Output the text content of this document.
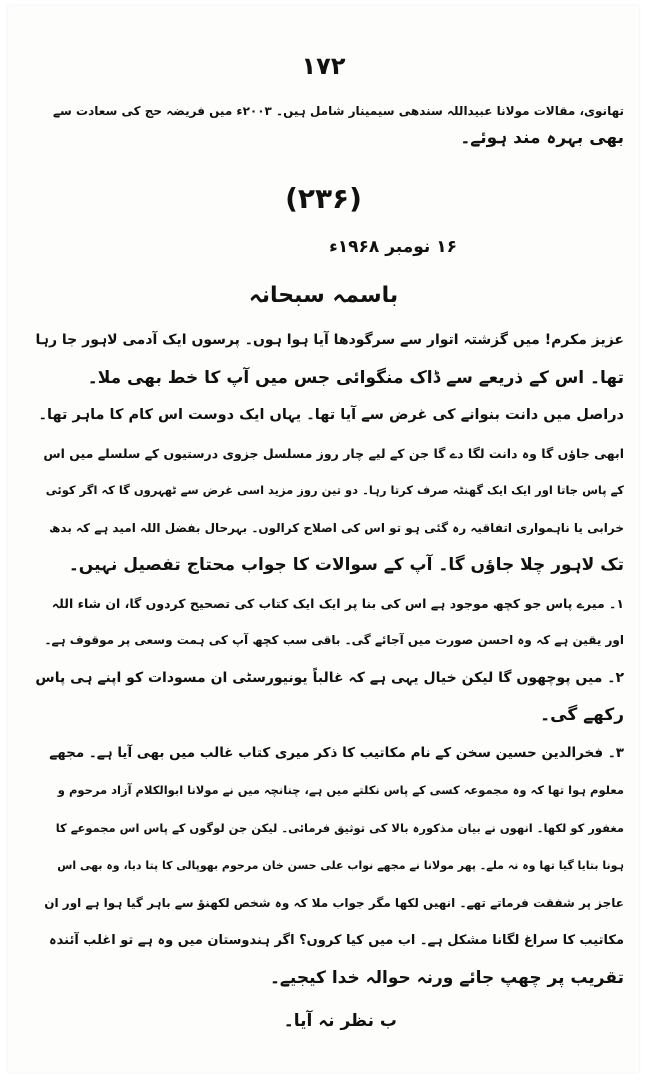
۱۷۲
تھانوی، مقالات مولانا عبیداللہ سندھی سیمینار شامل ہیں۔ ۲۰۰۳ء میں فریضہ حج کی سعادت سے
بھی بہرہ مند ہوئے۔
(۲۳۶)
۱۶ نومبر ۱۹۶۸ء
باسمہ سبحانہ
عزیز مکرم! میں گزشتہ اتوار سے سرگودھا آیا ہوا ہوں۔ پرسوں ایک آدمی لاہور جا رہا
تھا۔ اس کے ذریعے سے ڈاک منگوائی جس میں آپ کا خط بھی ملا۔
دراصل میں دانت بنوانے کی غرض سے آیا تھا۔ یہاں ایک دوست اس کام کا ماہر تھا۔
ابھی جاؤں گا وہ دانت لگا دے گا جن کے لیے چار روز مسلسل جزوی درستیوں کے سلسلے میں اس
کے پاس جاتا اور ایک ایک گھنٹہ صرف کرتا رہا۔ دو تین روز مزید اسی غرض سے ٹھہروں گا کہ اگر کوئی
خرابی یا ناہمواری اتفاقیہ رہ گئی ہو تو اس کی اصلاح کرالوں۔ بہرحال بفضل اللہ امید ہے کہ بدھ
تک لاہور چلا جاؤں گا۔ آپ کے سوالات کا جواب محتاج تفصیل نہیں۔
۱۔ میرے پاس جو کچھ موجود ہے اس کی بنا پر ایک ایک کتاب کی تصحیح کردوں گا، ان شاء اللہ
اور یقین ہے کہ وہ احسن صورت میں آجائے گی۔ باقی سب کچھ آپ کی ہمت وسعی پر موقوف ہے۔
۲۔ میں پوچھوں گا لیکن خیال یہی ہے کہ غالباً یونیورسٹی ان مسودات کو اپنے ہی پاس
رکھے گی۔
۳۔ فخرالدین حسین سخن کے نام مکاتیب کا ذکر میری کتاب غالب میں بھی آیا ہے۔ مجھے
معلوم ہوا تھا کہ وہ مجموعہ کسی کے پاس نکلتے میں ہے، چنانچہ میں نے مولانا ابوالکلام آزاد مرحوم و
مغفور کو لکھا۔ انھوں نے بیان مذکورہ بالا کی توثیق فرمائی۔ لیکن جن لوگوں کے پاس اس مجموعے کا
ہونا بتایا گیا تھا وہ نہ ملے۔ پھر مولانا نے مجھے نواب علی حسن خان مرحوم بھوپالی کا پتا دیا، وہ بھی اس
عاجز پر شفقت فرماتے تھے۔ انھیں لکھا مگر جواب ملا کہ وہ شخص لکھنؤ سے باہر گیا ہوا ہے اور ان
مکاتیب کا سراغ لگانا مشکل ہے۔ اب میں کیا کروں؟ اگر ہندوستان میں وہ ہے تو اغلب آئندہ
تقریب پر چھپ جائے ورنہ حوالہ خدا کیجیے۔
ب نظر نہ آیا۔
